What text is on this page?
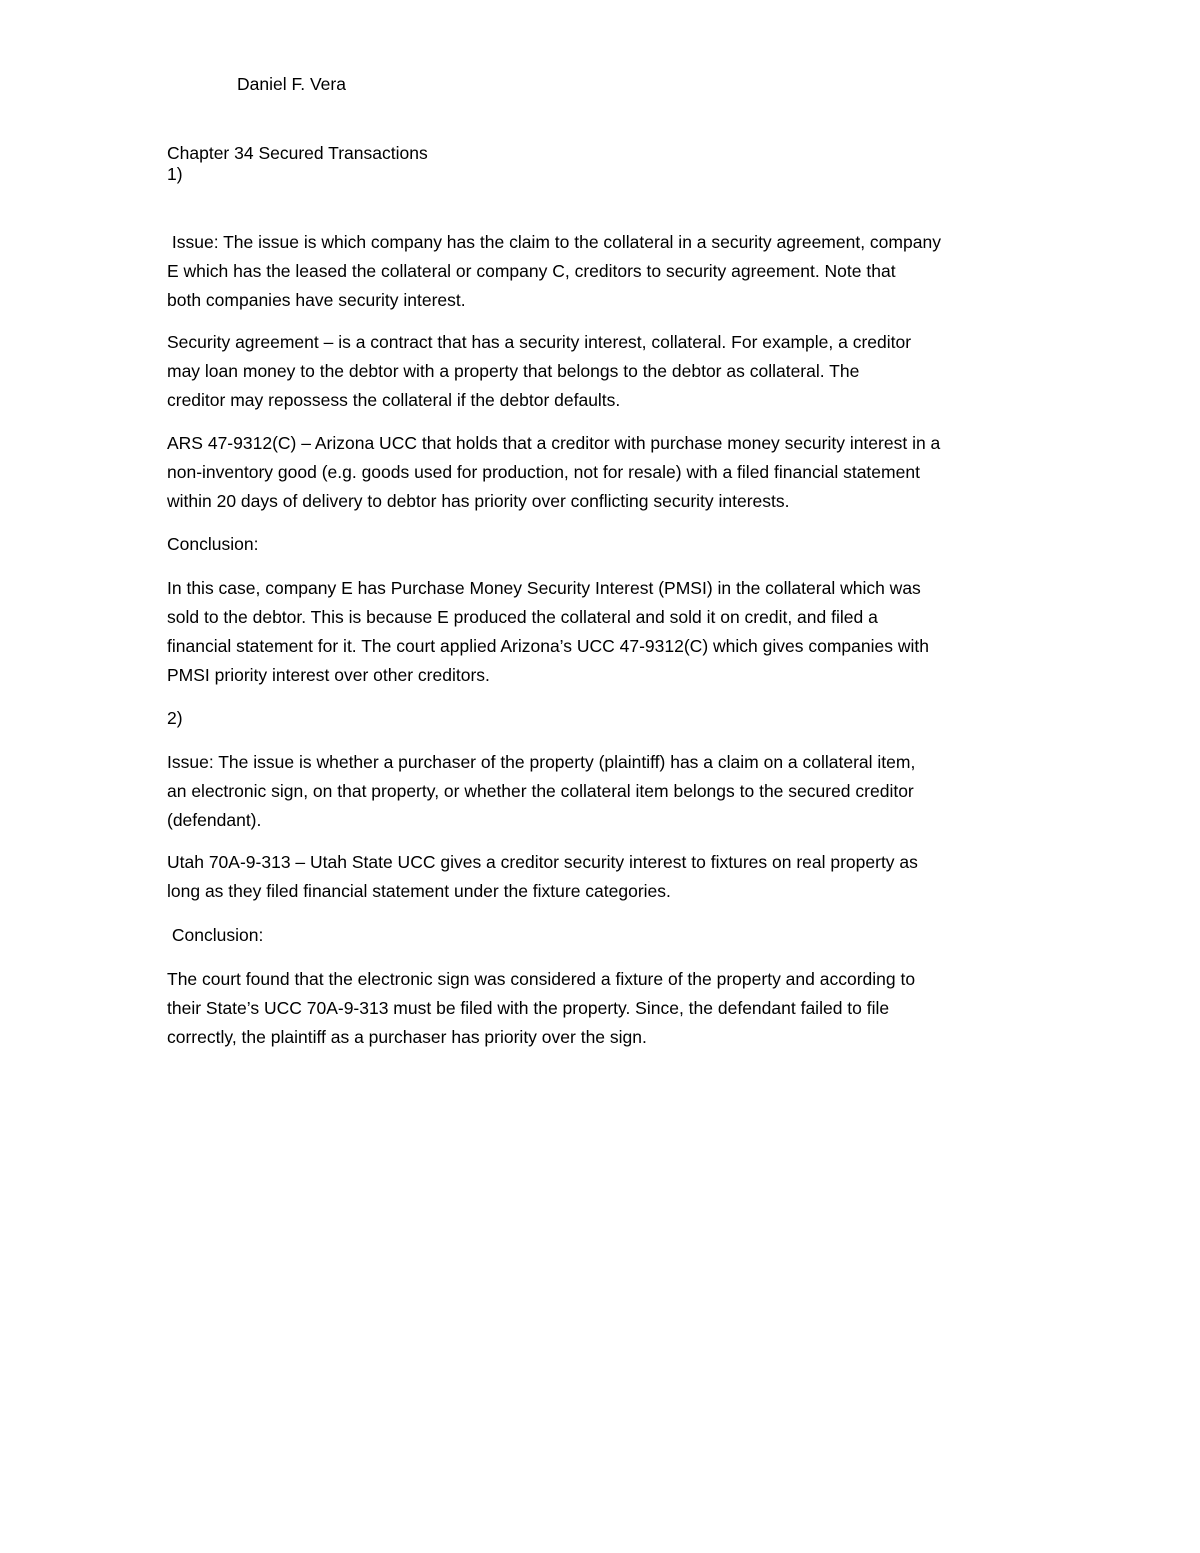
Daniel F. Vera
Chapter 34 Secured Transactions
1)

Issue: The issue is which company has the claim to the collateral in a security agreement, company

E which has the leased the collateral or company C, creditors to security agreement. Note that

both companies have security interest.

Security agreement – is a contract that has a security interest, collateral. For example, a creditor

may loan money to the debtor with a property that belongs to the debtor as collateral. The

creditor may repossess the collateral if the debtor defaults.

ARS 47-9312(C) – Arizona UCC that holds that a creditor with purchase money security interest in a

non-inventory good (e.g. goods used for production, not for resale) with a filed financial statement

within 20 days of delivery to debtor has priority over conflicting security interests.

Conclusion:

In this case, company E has Purchase Money Security Interest (PMSI) in the collateral which was

sold to the debtor. This is because E produced the collateral and sold it on credit, and filed a

financial statement for it. The court applied Arizona’s UCC 47-9312(C) which gives companies with

PMSI priority interest over other creditors.

2)

Issue: The issue is whether a purchaser of the property (plaintiff) has a claim on a collateral item,

an electronic sign, on that property, or whether the collateral item belongs to the secured creditor

(defendant).

Utah 70A-9-313 – Utah State UCC gives a creditor security interest to fixtures on real property as

long as they filed financial statement under the fixture categories.

Conclusion:

The court found that the electronic sign was considered a fixture of the property and according to

their State’s UCC 70A-9-313 must be filed with the property. Since, the defendant failed to file

correctly, the plaintiff as a purchaser has priority over the sign.
